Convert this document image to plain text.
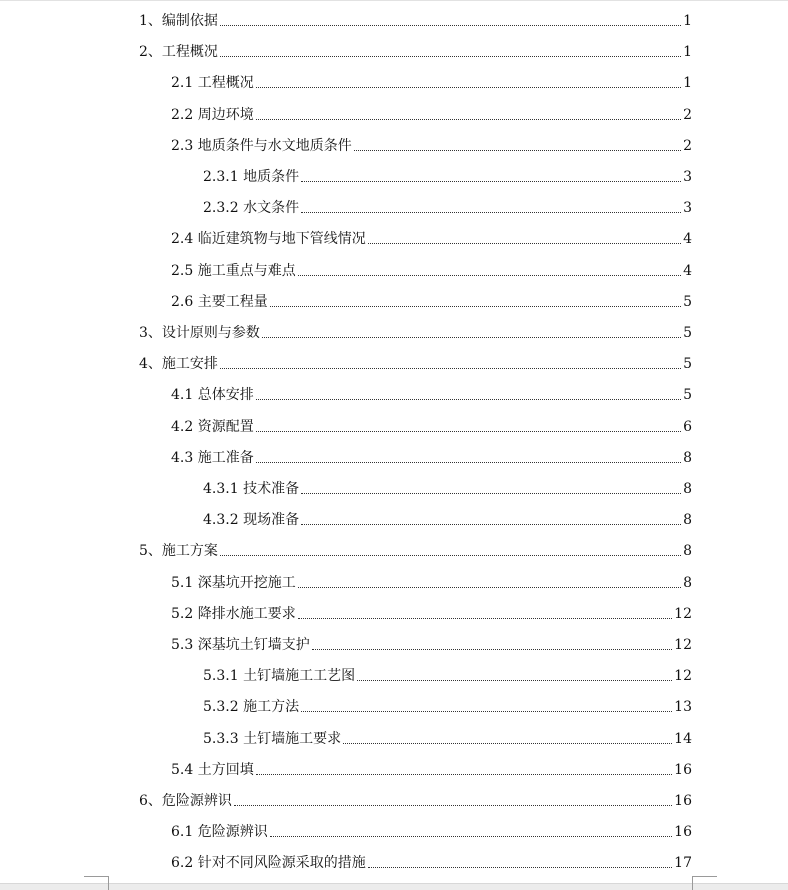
1、编制依据	1
2、工程概况	1
2.1 工程概况	1
2.2 周边环境	2
2.3 地质条件与水文地质条件	2
2.3.1 地质条件	3
2.3.2 水文条件	3
2.4 临近建筑物与地下管线情况	4
2.5 施工重点与难点	4
2.6 主要工程量	5
3、设计原则与参数	5
4、施工安排	5
4.1 总体安排	5
4.2 资源配置	6
4.3 施工准备	8
4.3.1 技术准备	8
4.3.2 现场准备	8
5、施工方案	8
5.1 深基坑开挖施工	8
5.2 降排水施工要求	12
5.3 深基坑土钉墙支护	12
5.3.1 土钉墙施工工艺图	12
5.3.2 施工方法	13
5.3.3 土钉墙施工要求	14
5.4 土方回填	16
6、危险源辨识	16
6.1 危险源辨识	16
6.2 针对不同风险源采取的措施	17
